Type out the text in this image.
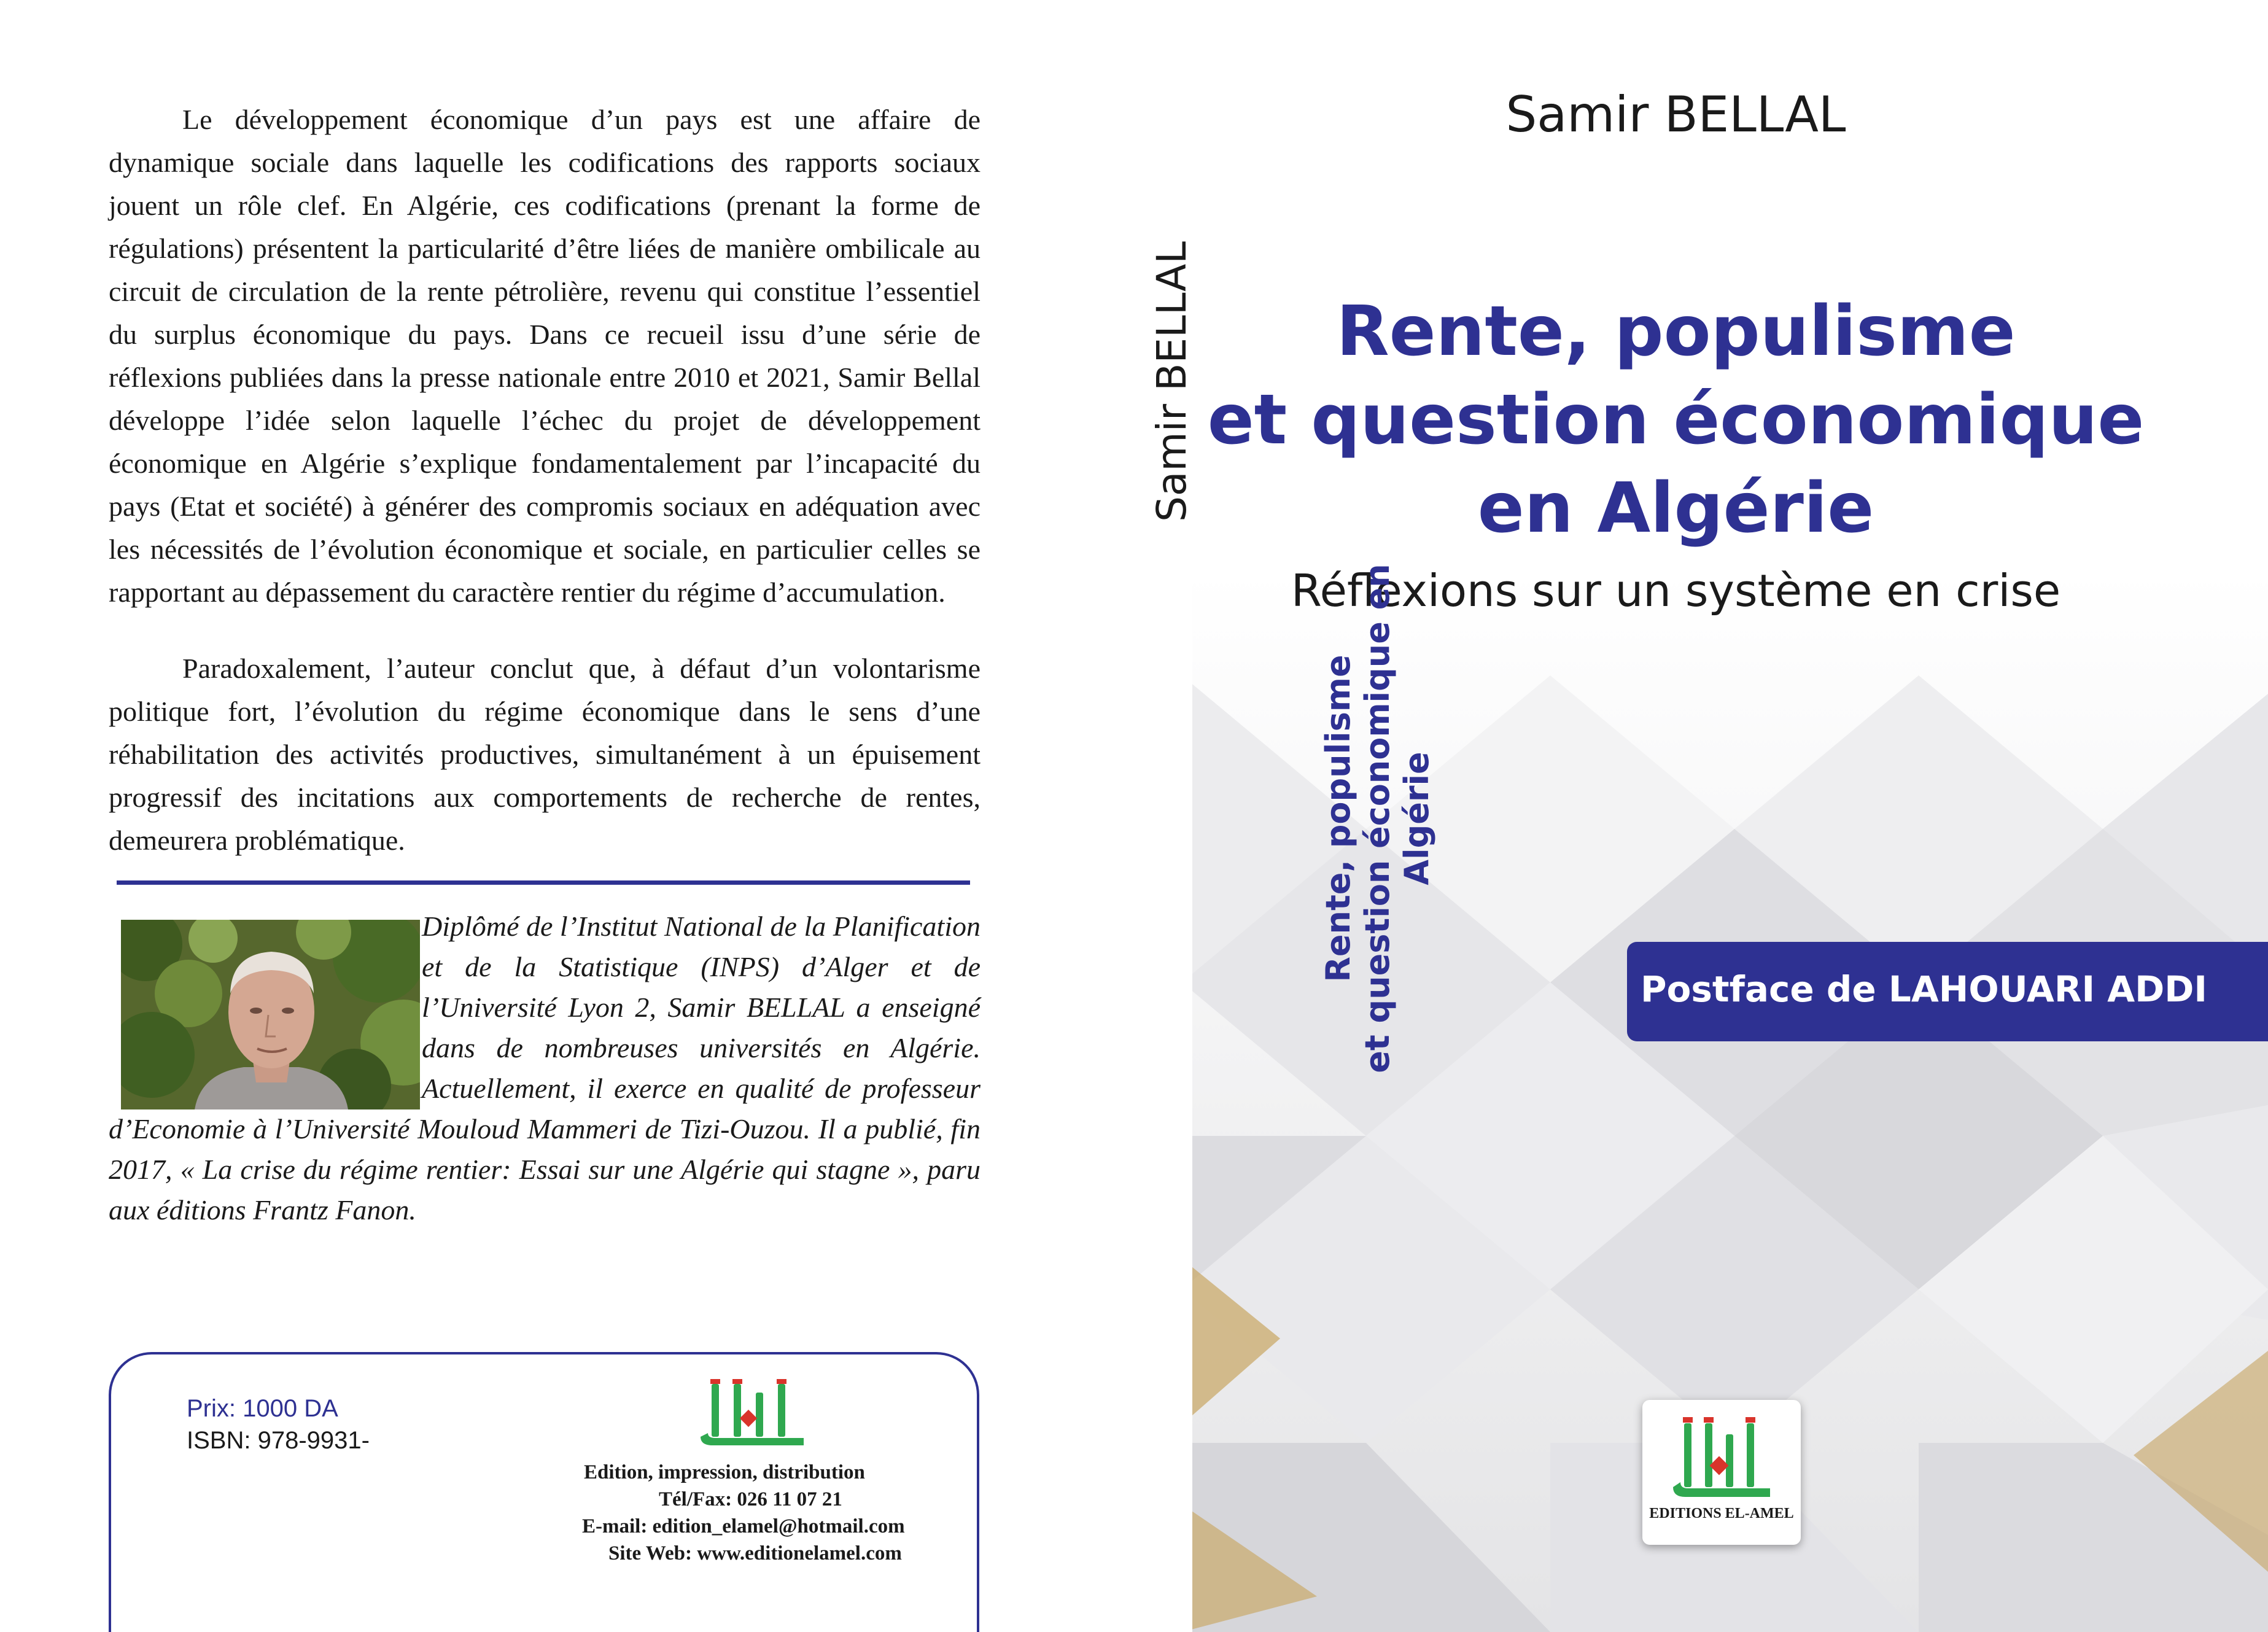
Le développement économique d’un pays est une affaire de dynamique sociale dans laquelle les codifications des rapports sociaux jouent un rôle clef. En Algérie, ces codifications (prenant la forme de régulations) présentent la particularité d’être liées de manière ombilicale au circuit de circulation de la rente pétrolière, revenu qui constitue l’essentiel du surplus économique du pays. Dans ce recueil issu d’une série de réflexions publiées dans la presse nationale entre 2010 et 2021, Samir Bellal développe l’idée selon laquelle l’échec du projet de développement économique en Algérie s’explique fondamentalement par l’incapacité du pays (Etat et société) à générer des compromis sociaux en adéquation avec les nécessités de l’évolution économique et sociale, en particulier celles se rapportant au dépassement du caractère rentier du régime d’accumulation.

Paradoxalement, l’auteur conclut que, à défaut d’un volontarisme politique fort, l’évolution du régime économique dans le sens d’une réhabilitation des activités productives, simultanément à un épuisement progressif des incitations aux comportements de recherche de rentes, demeurera problématique.

Diplômé de l’Institut National de la Planification et de la Statistique (INPS) d’Alger et de l’Université Lyon 2, Samir BELLAL a enseigné dans de nombreuses universités en Algérie. Actuellement, il exerce en qualité de professeur d’Economie à l’Université Mouloud Mammeri de Tizi-Ouzou. Il a publié, fin 2017, « La crise du régime rentier: Essai sur une Algérie qui stagne », paru aux éditions Frantz Fanon.

Prix: 1000 DA

ISBN: 978-9931-

Edition, impression, distribution

Tél/Fax: 026 11 07 21

E-mail: edition_elamel@hotmail.com

Site Web: www.editionelamel.com

Samir BELLAL

Rente, populisme
et question économique
en Algérie

Réflexions sur un système en crise

Postface de LAHOUARI ADDI

EDITIONS EL-AMEL

Samir BELLAL

Rente, populisme
et question économique en Algérie
